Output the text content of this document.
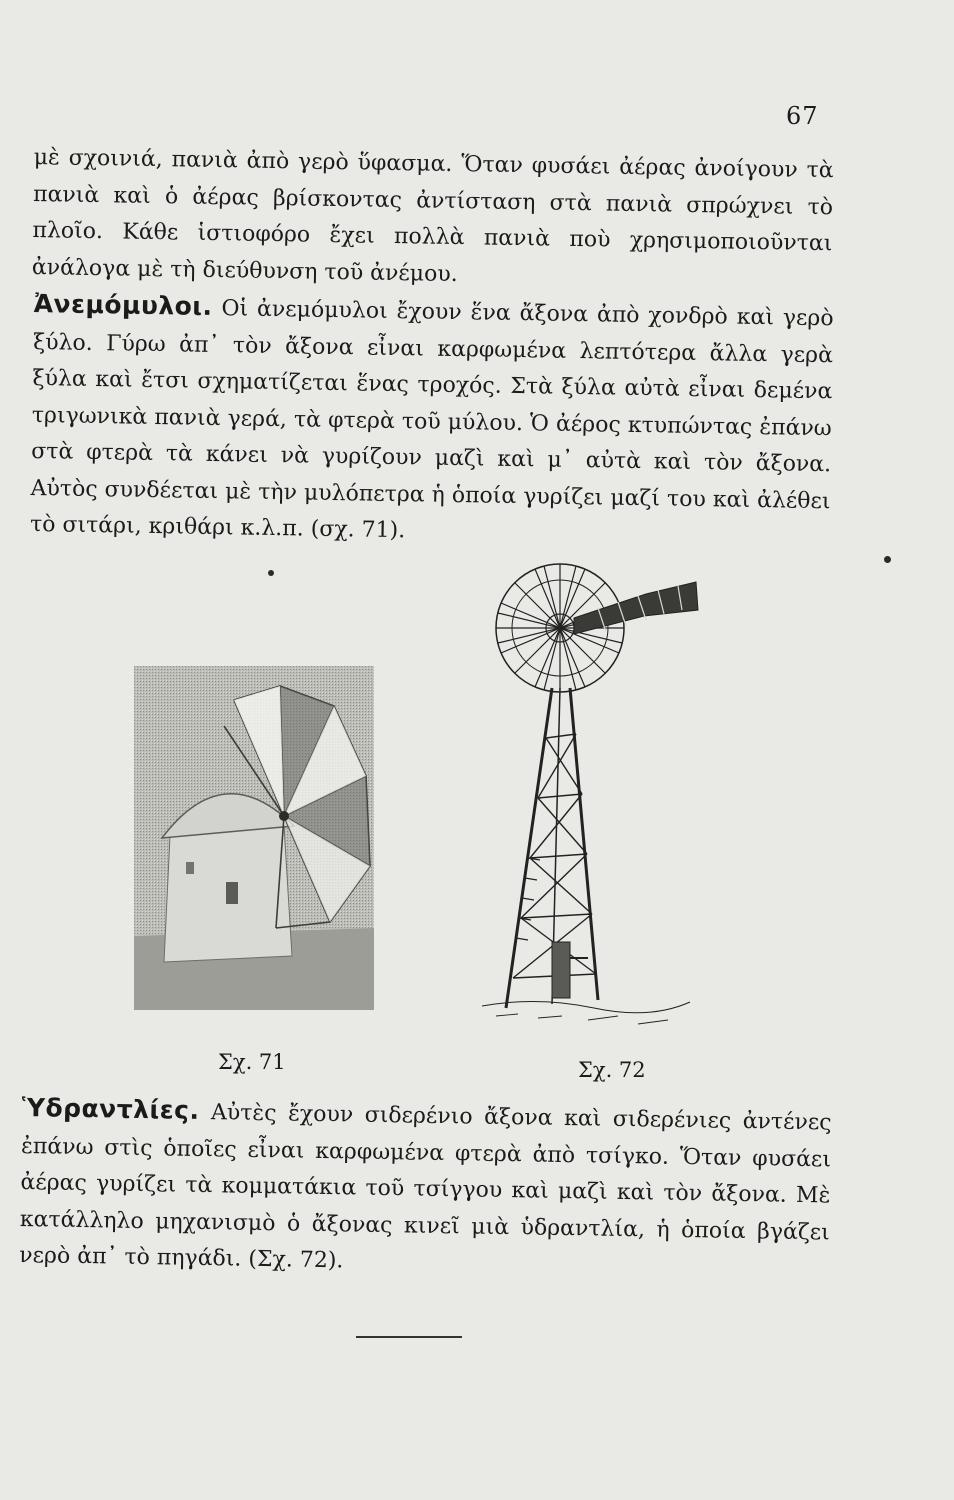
67
μὲ σχοινιά, πανιὰ ἀπὸ γερὸ ὕφασμα. Ὅταν φυσάει ἀέρας ἀνοίγουν τὰ πανιὰ καὶ ὁ ἀέρας βρίσκοντας ἀντίσταση στὰ πανιὰ σπρώχνει τὸ πλοῖο. Κάθε ἱστιοφόρο ἔχει πολλὰ πανιὰ ποὺ χρησιμοποιοῦνται ἀνάλογα μὲ τὴ διεύθυνση τοῦ ἀνέμου.
Ἀνεμόμυλοι. Οἱ ἀνεμόμυλοι ἔχουν ἕνα ἄξονα ἀπὸ χονδρὸ καὶ γερὸ ξύλο. Γύρω ἀπ᾿ τὸν ἄξονα εἶναι καρφωμένα λεπτότερα ἄλλα γερὰ ξύλα καὶ ἔτσι σχηματίζεται ἕνας τροχός. Στὰ ξύλα αὐτὰ εἶναι δεμένα τριγωνικὰ πανιὰ γερά, τὰ φτερὰ τοῦ μύλου. Ὁ ἀέρος κτυπώντας ἐπάνω στὰ φτερὰ τὰ κάνει νὰ γυρίζουν μαζὶ καὶ μ᾿ αὐτὰ καὶ τὸν ἄξονα. Αὐτὸς συνδέεται μὲ τὴν μυλόπετρα ἡ ὁποία γυρίζει μαζί του καὶ ἀλέθει τὸ σιτάρι, κριθάρι κ.λ.π. (σχ. 71).
Σχ. 71	Σχ. 72
Ὑδραντλίες. Αὐτὲς ἔχουν σιδερένιο ἄξονα καὶ σιδερένιες ἀντένες ἐπάνω στὶς ὁποῖες εἶναι καρφωμένα φτερὰ ἀπὸ τσίγκο. Ὅταν φυσάει ἀέρας γυρίζει τὰ κομματάκια τοῦ τσίγγου καὶ μαζὶ καὶ τὸν ἄξονα. Μὲ κατάλληλο μηχανισμὸ ὁ ἄξονας κινεῖ μιὰ ὑδραντλία, ἡ ὁποία βγάζει νερὸ ἀπ᾿ τὸ πηγάδι. (Σχ. 72).
